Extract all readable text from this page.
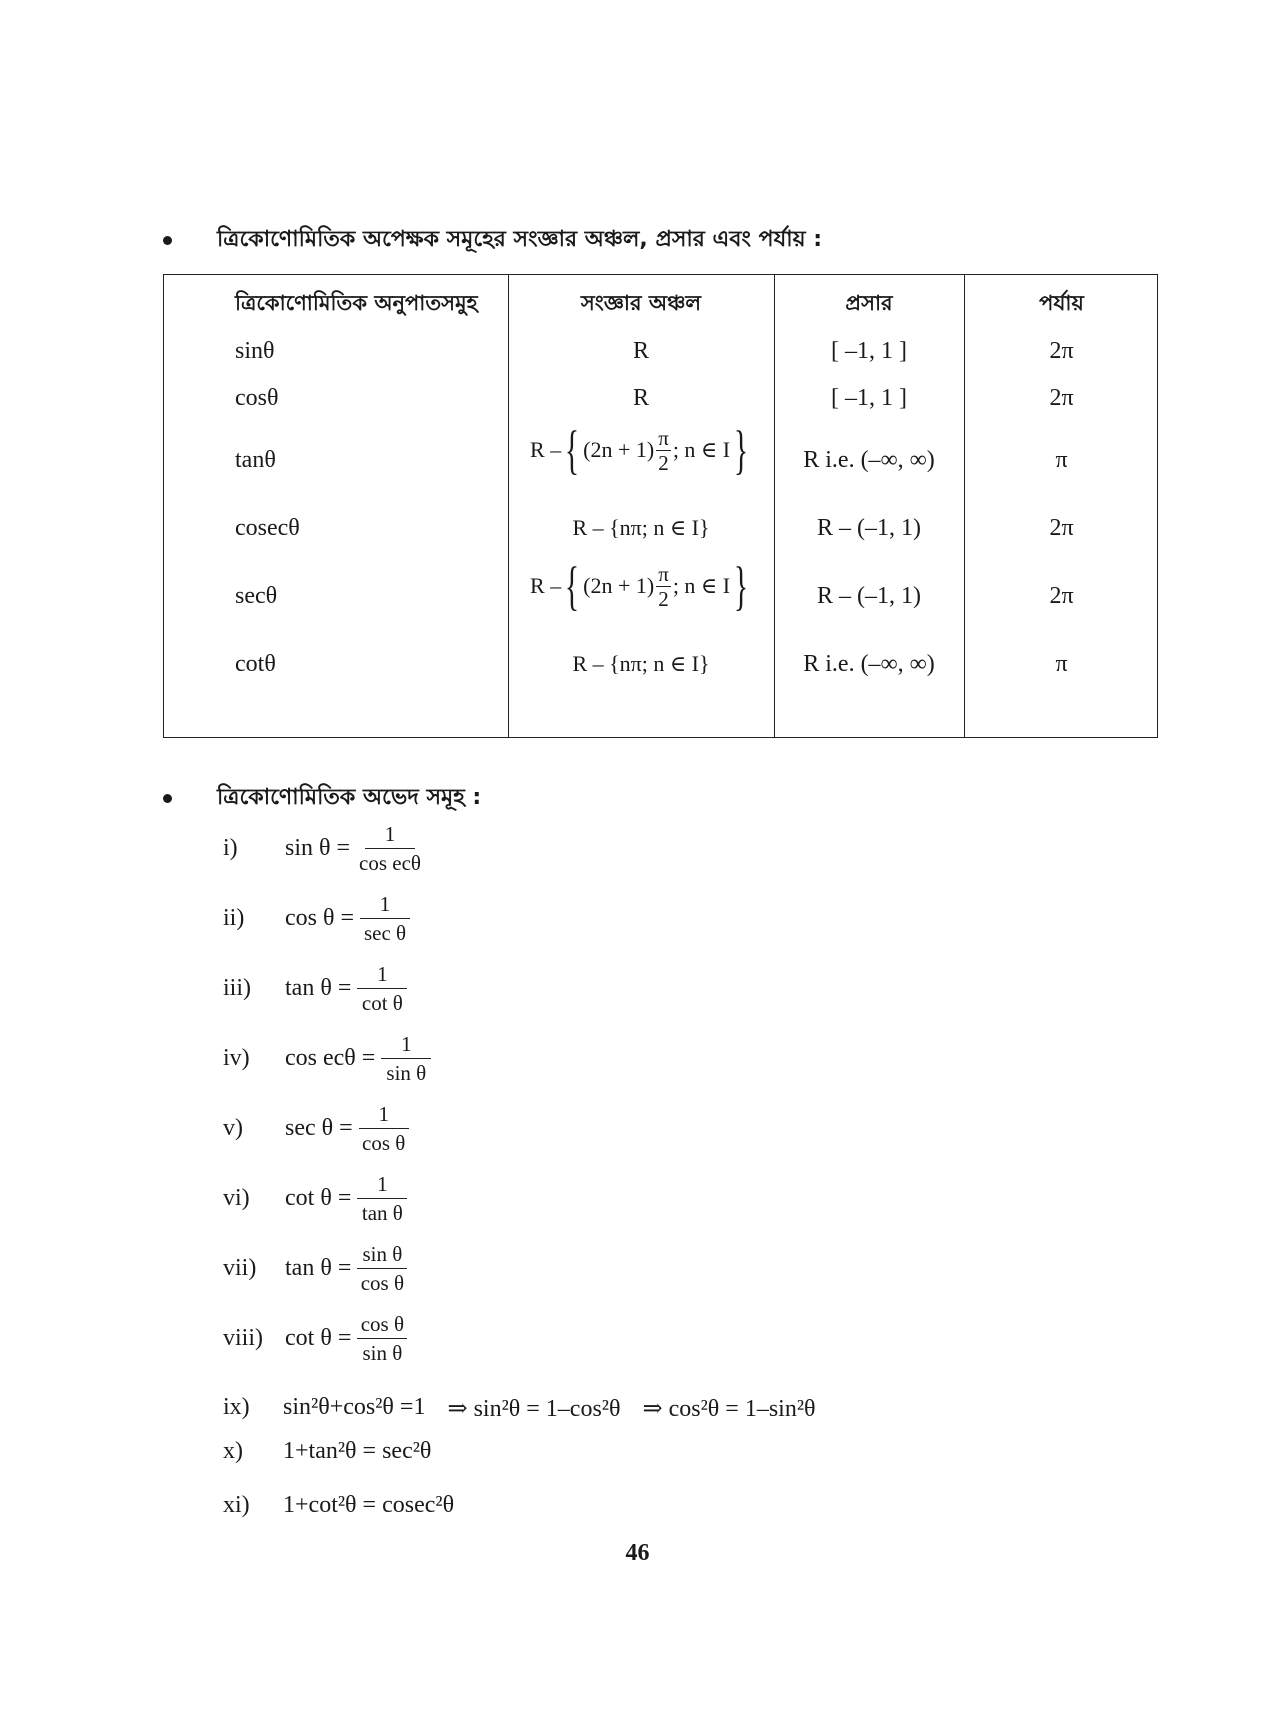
ত্রিকোণোমিতিক অপেক্ষক সমূহের সংজ্ঞার অঞ্চল, প্রসার এবং পর্যায় :
ত্রিকোণোমিতিক অনুপাতসমুহ	সংজ্ঞার অঞ্চল	প্রসার	পর্যায়
sinθ	R	[ –1, 1 ]	2π
cosθ	R	[ –1, 1 ]	2π
tanθ	R – { $(2n + 1) \frac{\pi}{2}$ ; n ∈ I }	R i.e. (–∞, ∞)	π
cosecθ	R – {nπ; n ∈ I}	R – (–1, 1)	2π
secθ	R – { $(2n + 1) \frac{\pi}{2}$ ; n ∈ I }	R – (–1, 1)	2π
cotθ	R – {nπ; n ∈ I}	R i.e. (–∞, ∞)	π
ত্রিকোণোমিতিক অভেদ সমূহ :
i)	$\sin \theta = \frac{1}{\text{cos ecθ}}$
ii)	$\cos \theta = \frac{1}{\text{sec θ}}$
iii)	$\tan \theta = \frac{1}{\text{cot θ}}$
iv)	$\cos ec\theta = \frac{1}{\text{sin θ}}$
v)	$\sec \theta = \frac{1}{\text{cos θ}}$
vi)	$\cot \theta = \frac{1}{\text{tan θ}}$
vii)	$\tan \theta = \frac{\text{sin θ}}{\text{cos θ}}$
viii) $\cot \theta = \frac{\text{cos θ}}{\text{sin θ}}$
ix)	sin²θ+cos²θ =1 ⇒ sin²θ = 1–cos²θ ⇒ cos²θ = 1–sin²θ
x)	1+tan²θ = sec²θ
xi)	1+cot²θ = cosec²θ
46
